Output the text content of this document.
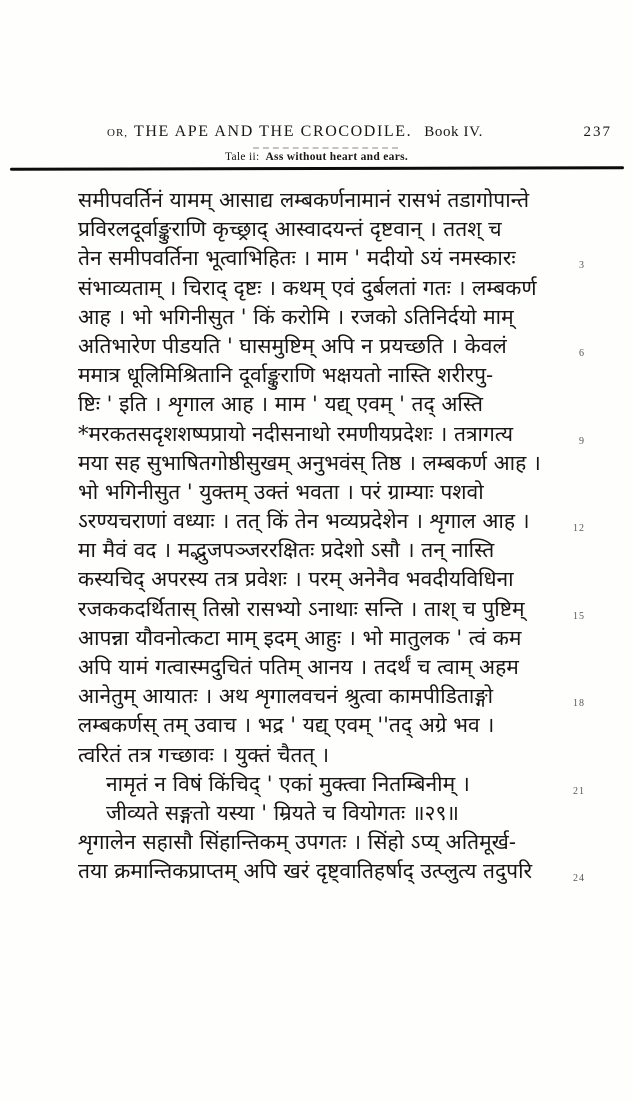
OR, THE APE AND THE CROCODILE. Book IV.	237
Tale ii: Ass without heart and ears.
समीपवर्तिनं यामम् आसाद्य लम्बकर्णनामानं रासभं तडागोपान्ते
प्रविरलदूर्वाङ्कुराणि कृच्छ्राद् आस्वादयन्तं दृष्टवान् । ततश् च
तेन समीपवर्तिना भूत्वाभिहितः । माम ' मदीयो ऽयं नमस्कारः	3
संभाव्यताम् । चिराद् दृष्टः । कथम् एवं दुर्बलतां गतः । लम्बकर्ण
आह । भो भगिनीसुत ' किं करोमि । रजको ऽतिनिर्दयो माम्
अतिभारेण पीडयति ' घासमुष्टिम् अपि न प्रयच्छति । केवलं	6
ममात्र धूलिमिश्रितानि दूर्वाङ्कुराणि भक्षयतो नास्ति शरीरपु-
ष्टिः ' इति । शृगाल आह । माम ' यद्य् एवम् ' तद् अस्ति
*मरकतसदृशशष्पप्रायो नदीसनाथो रमणीयप्रदेशः । तत्रागत्य	9
मया सह सुभाषितगोष्ठीसुखम् अनुभवंस् तिष्ठ । लम्बकर्ण आह ।
भो भगिनीसुत ' युक्तम् उक्तं भवता । परं ग्राम्याः पशवो
ऽरण्यचराणां वध्याः । तत् किं तेन भव्यप्रदेशेन । शृगाल आह ।	12
मा मैवं वद । मद्भुजपञ्जररक्षितः प्रदेशो ऽसौ । तन् नास्ति
कस्यचिद् अपरस्य तत्र प्रवेशः । परम् अनेनैव भवदीयविधिना
रजककदर्थितास् तिस्रो रासभ्यो ऽनाथाः सन्ति । ताश् च पुष्टिम्	15
आपन्ना यौवनोत्कटा माम् इदम् आहुः । भो मातुलक ' त्वं कम
अपि यामं गत्वास्मदुचितं पतिम् आनय । तदर्थं च त्वाम् अहम
आनेतुम् आयातः । अथ शृगालवचनं श्रुत्वा कामपीडिताङ्गो	18
लम्बकर्णस् तम् उवाच । भद्र ' यद्य् एवम् ''तद् अग्रे भव ।
त्वरितं तत्र गच्छावः । युक्तं चैतत् ।
नामृतं न विषं किंचिद् ' एकां मुक्त्वा नितम्बिनीम् ।	21
जीव्यते सङ्गतो यस्या ' म्रियते च वियोगतः ॥२९॥
शृगालेन सहासौ सिंहान्तिकम् उपगतः । सिंहो ऽप्य् अतिमूर्ख-
तया क्रमान्तिकप्राप्तम् अपि खरं दृष्ट्वातिहर्षाद् उत्प्लुत्य तदुपरि	24
